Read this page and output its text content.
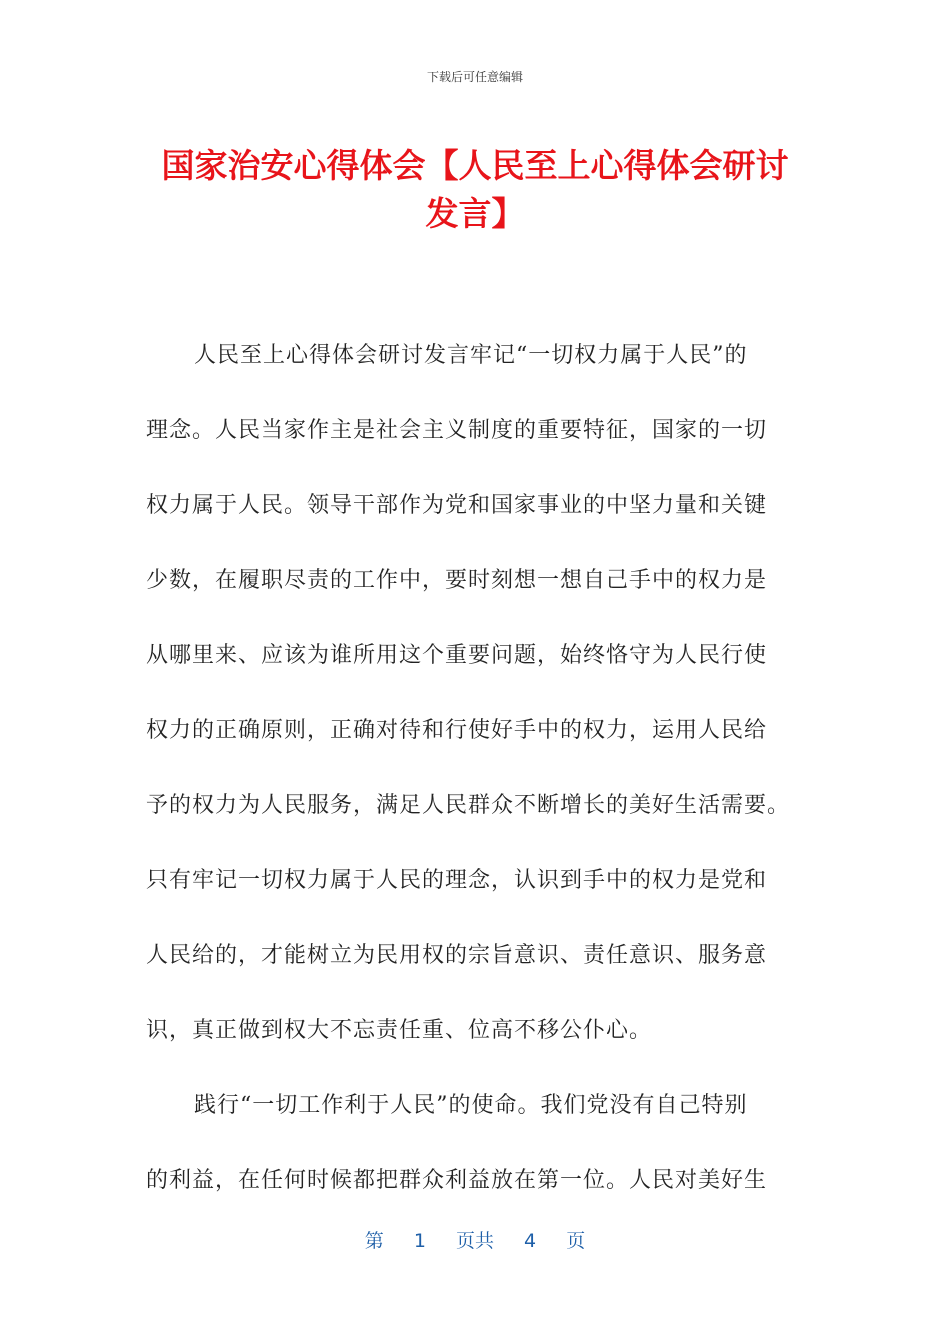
下载后可任意编辑
国家治安心得体会【人民至上心得体会研讨
发言】
人民至上心得体会研讨发言牢记“一切权力属于人民”的
理念。人民当家作主是社会主义制度的重要特征，国家的一切
权力属于人民。领导干部作为党和国家事业的中坚力量和关键
少数，在履职尽责的工作中，要时刻想一想自己手中的权力是
从哪里来、应该为谁所用这个重要问题，始终恪守为人民行使
权力的正确原则，正确对待和行使好手中的权力，运用人民给
予的权力为人民服务，满足人民群众不断增长的美好生活需要。
只有牢记一切权力属于人民的理念，认识到手中的权力是党和
人民给的，才能树立为民用权的宗旨意识、责任意识、服务意
识，真正做到权大不忘责任重、位高不移公仆心。
践行“一切工作利于人民”的使命。我们党没有自己特别
的利益，在任何时候都把群众利益放在第一位。人民对美好生
第 1 页共 4 页
